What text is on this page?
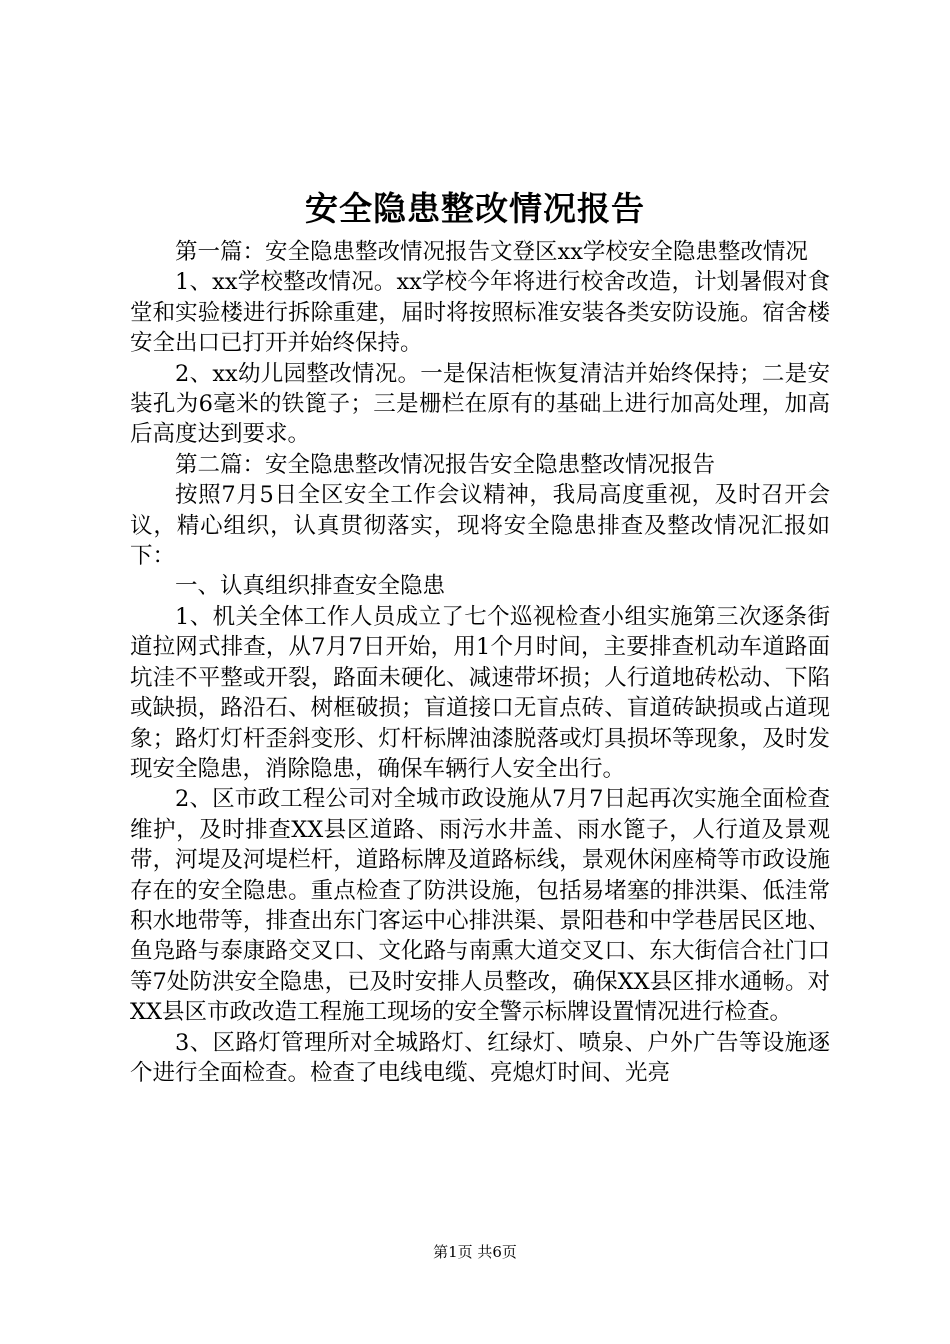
安全隐患整改情况报告

第一篇：安全隐患整改情况报告文登区xx学校安全隐患整改情况

1、xx学校整改情况。xx学校今年将进行校舍改造，计划暑假对食堂和实验楼进行拆除重建，届时将按照标准安装各类安防设施。宿舍楼安全出口已打开并始终保持。

2、xx幼儿园整改情况。一是保洁柜恢复清洁并始终保持；二是安装孔为6毫米的铁篦子；三是栅栏在原有的基础上进行加高处理，加高后高度达到要求。

第二篇：安全隐患整改情况报告安全隐患整改情况报告

按照7月5日全区安全工作会议精神，我局高度重视，及时召开会议，精心组织，认真贯彻落实，现将安全隐患排查及整改情况汇报如下：

一、认真组织排查安全隐患

1、机关全体工作人员成立了七个巡视检查小组实施第三次逐条街道拉网式排查，从7月7日开始，用1个月时间，主要排查机动车道路面坑洼不平整或开裂，路面未硬化、减速带坏损；人行道地砖松动、下陷或缺损，路沿石、树框破损；盲道接口无盲点砖、盲道砖缺损或占道现象；路灯灯杆歪斜变形、灯杆标牌油漆脱落或灯具损坏等现象，及时发现安全隐患，消除隐患，确保车辆行人安全出行。

2、区市政工程公司对全城市政设施从7月7日起再次实施全面检查维护，及时排查XX县区道路、雨污水井盖、雨水篦子，人行道及景观带，河堤及河堤栏杆，道路标牌及道路标线，景观休闲座椅等市政设施存在的安全隐患。重点检查了防洪设施，包括易堵塞的排洪渠、低洼常积水地带等，排查出东门客运中心排洪渠、景阳巷和中学巷居民区地、鱼凫路与泰康路交叉口、文化路与南熏大道交叉口、东大街信合社门口等7处防洪安全隐患，已及时安排人员整改，确保XX县区排水通畅。对XX县区市政改造工程施工现场的安全警示标牌设置情况进行检查。

3、区路灯管理所对全城路灯、红绿灯、喷泉、户外广告等设施逐个进行全面检查。检查了电线电缆、亮熄灯时间、光亮

第1页 共6页
